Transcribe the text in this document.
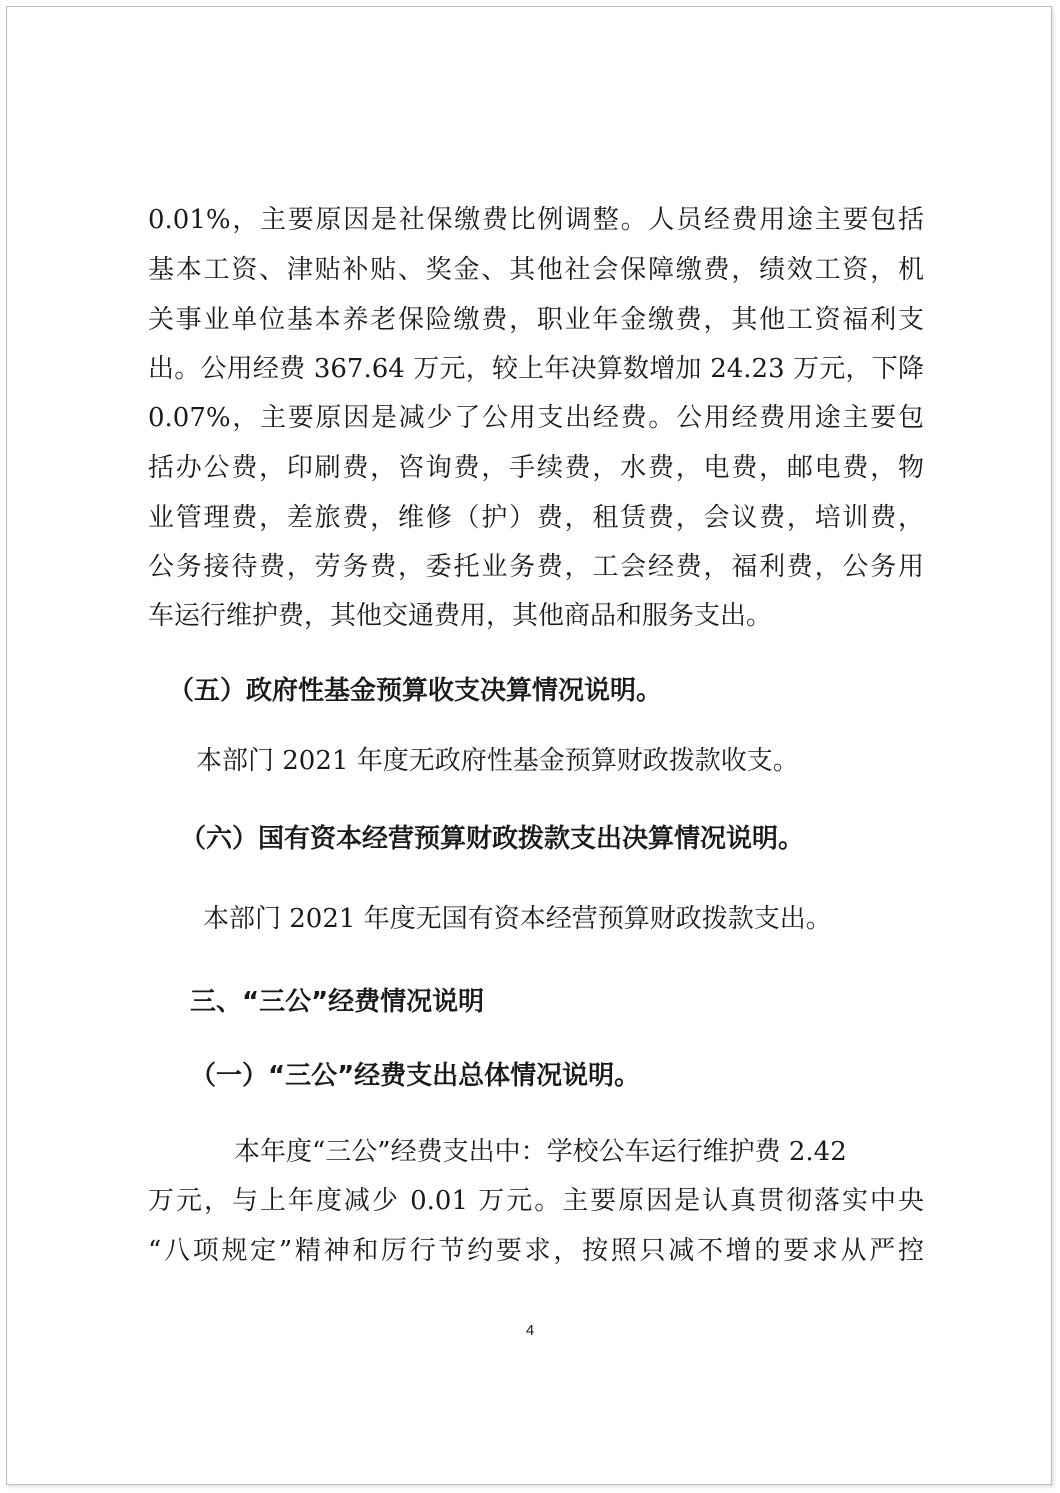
0.01%，主要原因是社保缴费比例调整。人员经费用途主要包括
基本工资、津贴补贴、奖金、其他社会保障缴费，绩效工资，机
关事业单位基本养老保险缴费，职业年金缴费，其他工资福利支
出。公用经费 367.64 万元，较上年决算数增加 24.23 万元，下降
0.07%，主要原因是减少了公用支出经费。公用经费用途主要包
括办公费，印刷费，咨询费，手续费，水费，电费，邮电费，物
业管理费，差旅费，维修（护）费，租赁费，会议费，培训费，
公务接待费，劳务费，委托业务费，工会经费，福利费，公务用
车运行维护费，其他交通费用，其他商品和服务支出。
（五）政府性基金预算收支决算情况说明。
本部门 2021 年度无政府性基金预算财政拨款收支。
（六）国有资本经营预算财政拨款支出决算情况说明。
本部门 2021 年度无国有资本经营预算财政拨款支出。
三、“三公”经费情况说明
（一）“三公”经费支出总体情况说明。
本年度“三公”经费支出中：学校公车运行维护费 2.42
万元，与上年度减少 0.01 万元。主要原因是认真贯彻落实中央
“八项规定”精神和厉行节约要求，按照只减不增的要求从严控
4
